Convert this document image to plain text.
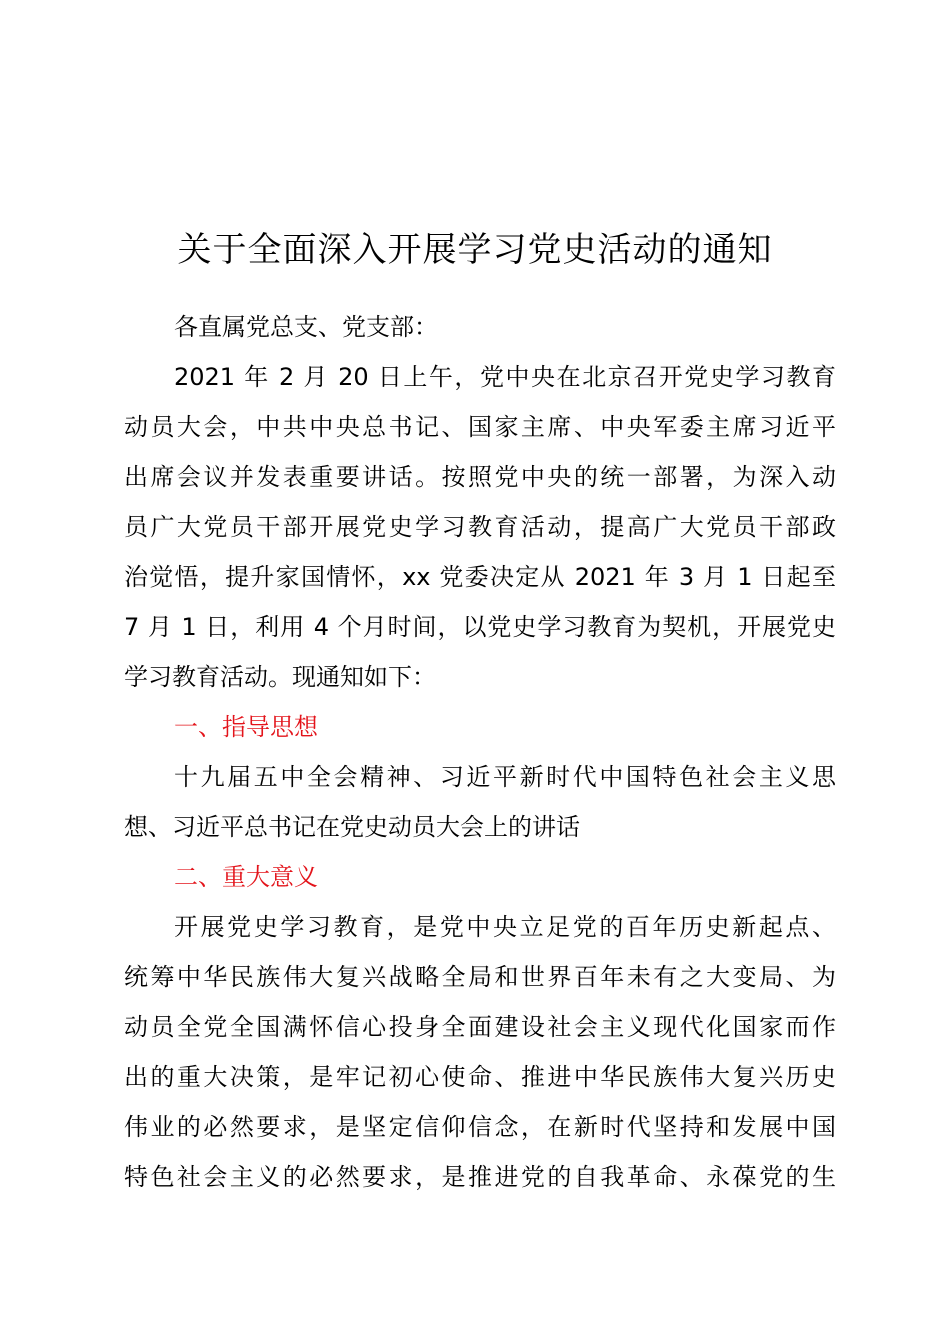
关于全面深入开展学习党史活动的通知
各直属党总支、党支部：
2021 年 2 月 20 日上午，党中央在北京召开党史学习教育
动员大会，中共中央总书记、国家主席、中央军委主席习近平
出席会议并发表重要讲话。按照党中央的统一部署，为深入动
员广大党员干部开展党史学习教育活动，提高广大党员干部政
治觉悟，提升家国情怀，xx 党委决定从 2021 年 3 月 1 日起至
7 月 1 日，利用 4 个月时间，以党史学习教育为契机，开展党史
学习教育活动。现通知如下：
一、指导思想
十九届五中全会精神、习近平新时代中国特色社会主义思
想、习近平总书记在党史动员大会上的讲话
二、重大意义
开展党史学习教育，是党中央立足党的百年历史新起点、
统筹中华民族伟大复兴战略全局和世界百年未有之大变局、为
动员全党全国满怀信心投身全面建设社会主义现代化国家而作
出的重大决策，是牢记初心使命、推进中华民族伟大复兴历史
伟业的必然要求，是坚定信仰信念，在新时代坚持和发展中国
特色社会主义的必然要求，是推进党的自我革命、永葆党的生
